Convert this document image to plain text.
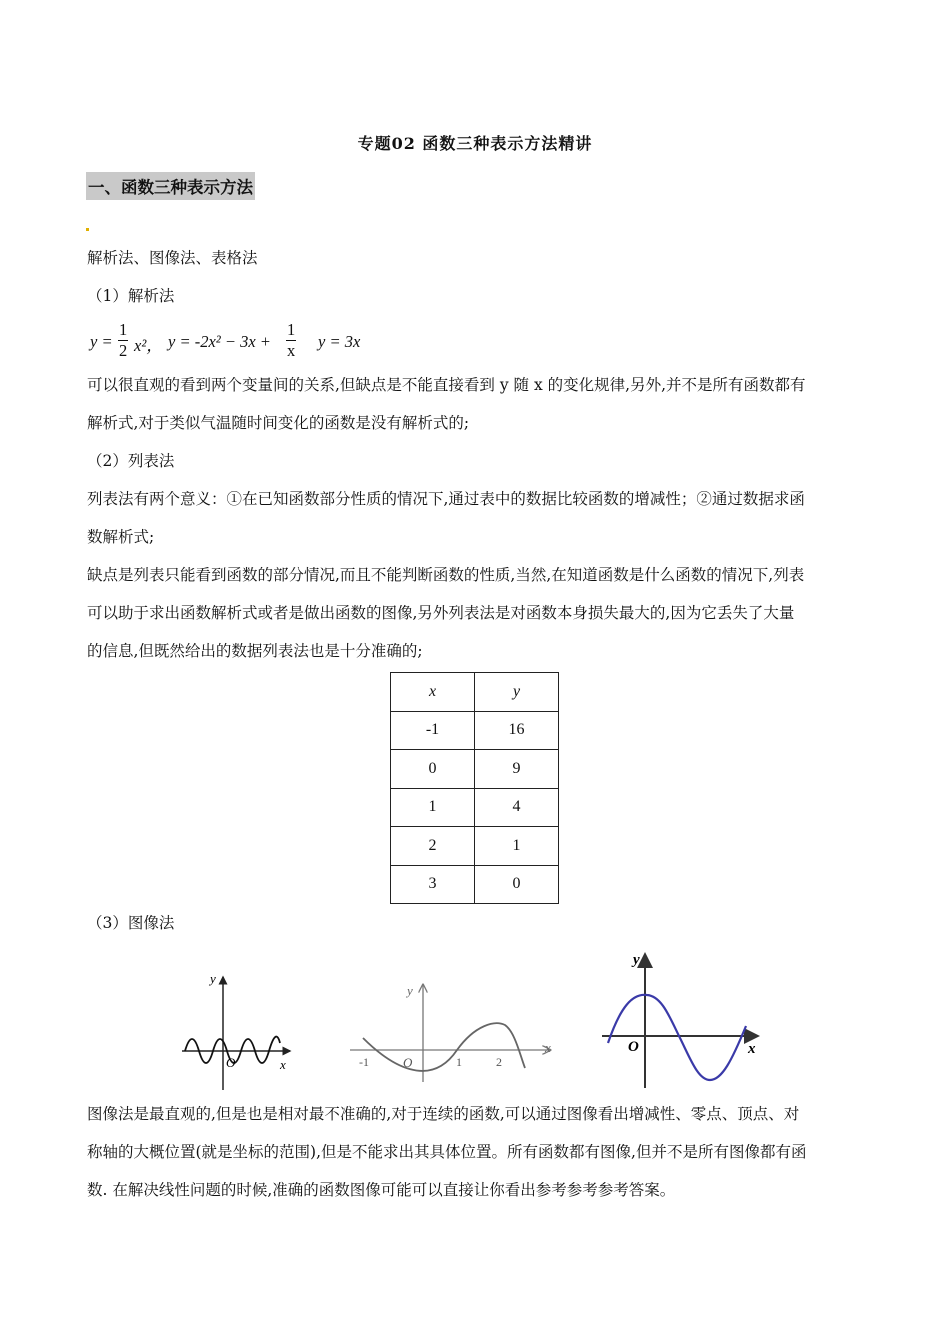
专题02 函数三种表示方法精讲
一、函数三种表示方法
解析法、图像法、表格法
（1）解析法
$y = \frac{1}{2} x^2$， $y = -2x^2 - 3x + \frac{1}{x}$ y = 3x
可以很直观的看到两个变量间的关系,但缺点是不能直接看到 y 随 x 的变化规律,另外,并不是所有函数都有
解析式,对于类似气温随时间变化的函数是没有解析式的;
（2）列表法
列表法有两个意义：①在已知函数部分性质的情况下,通过表中的数据比较函数的增减性；②通过数据求函
数解析式;
缺点是列表只能看到函数的部分情况,而且不能判断函数的性质,当然,在知道函数是什么函数的情况下,列表
可以助于求出函数解析式或者是做出函数的图像,另外列表法是对函数本身损失最大的,因为它丢失了大量
的信息,但既然给出的数据列表法也是十分准确的;
x	y
-1	16
0	9
1	4
2	1
3	0
（3）图像法
y
O	x
y
O
x
-1	1	2
y
O	x
图像法是最直观的,但是也是相对最不准确的,对于连续的函数,可以通过图像看出增减性、零点、顶点、对
称轴的大概位置(就是坐标的范围),但是不能求出其具体位置。所有函数都有图像,但并不是所有图像都有函
数. 在解决线性问题的时候,准确的函数图像可能可以直接让你看出参考参考参考答案。
